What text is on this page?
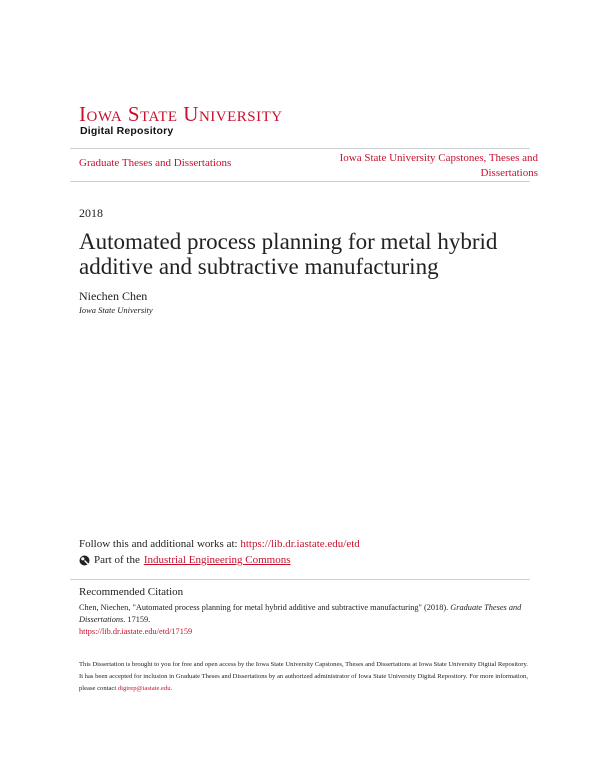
Iowa State University
Digital Repository
Graduate Theses and Dissertations	Iowa State University Capstones, Theses and Dissertations
2018
Automated process planning for metal hybrid additive and subtractive manufacturing
Niechen Chen
Iowa State University
Follow this and additional works at: https://lib.dr.iastate.edu/etd
Part of the Industrial Engineering Commons
Recommended Citation
Chen, Niechen, "Automated process planning for metal hybrid additive and subtractive manufacturing" (2018). Graduate Theses and Dissertations. 17159.
https://lib.dr.iastate.edu/etd/17159
This Dissertation is brought to you for free and open access by the Iowa State University Capstones, Theses and Dissertations at Iowa State University Digital Repository. It has been accepted for inclusion in Graduate Theses and Dissertations by an authorized administrator of Iowa State University Digital Repository. For more information, please contact digirep@iastate.edu.
